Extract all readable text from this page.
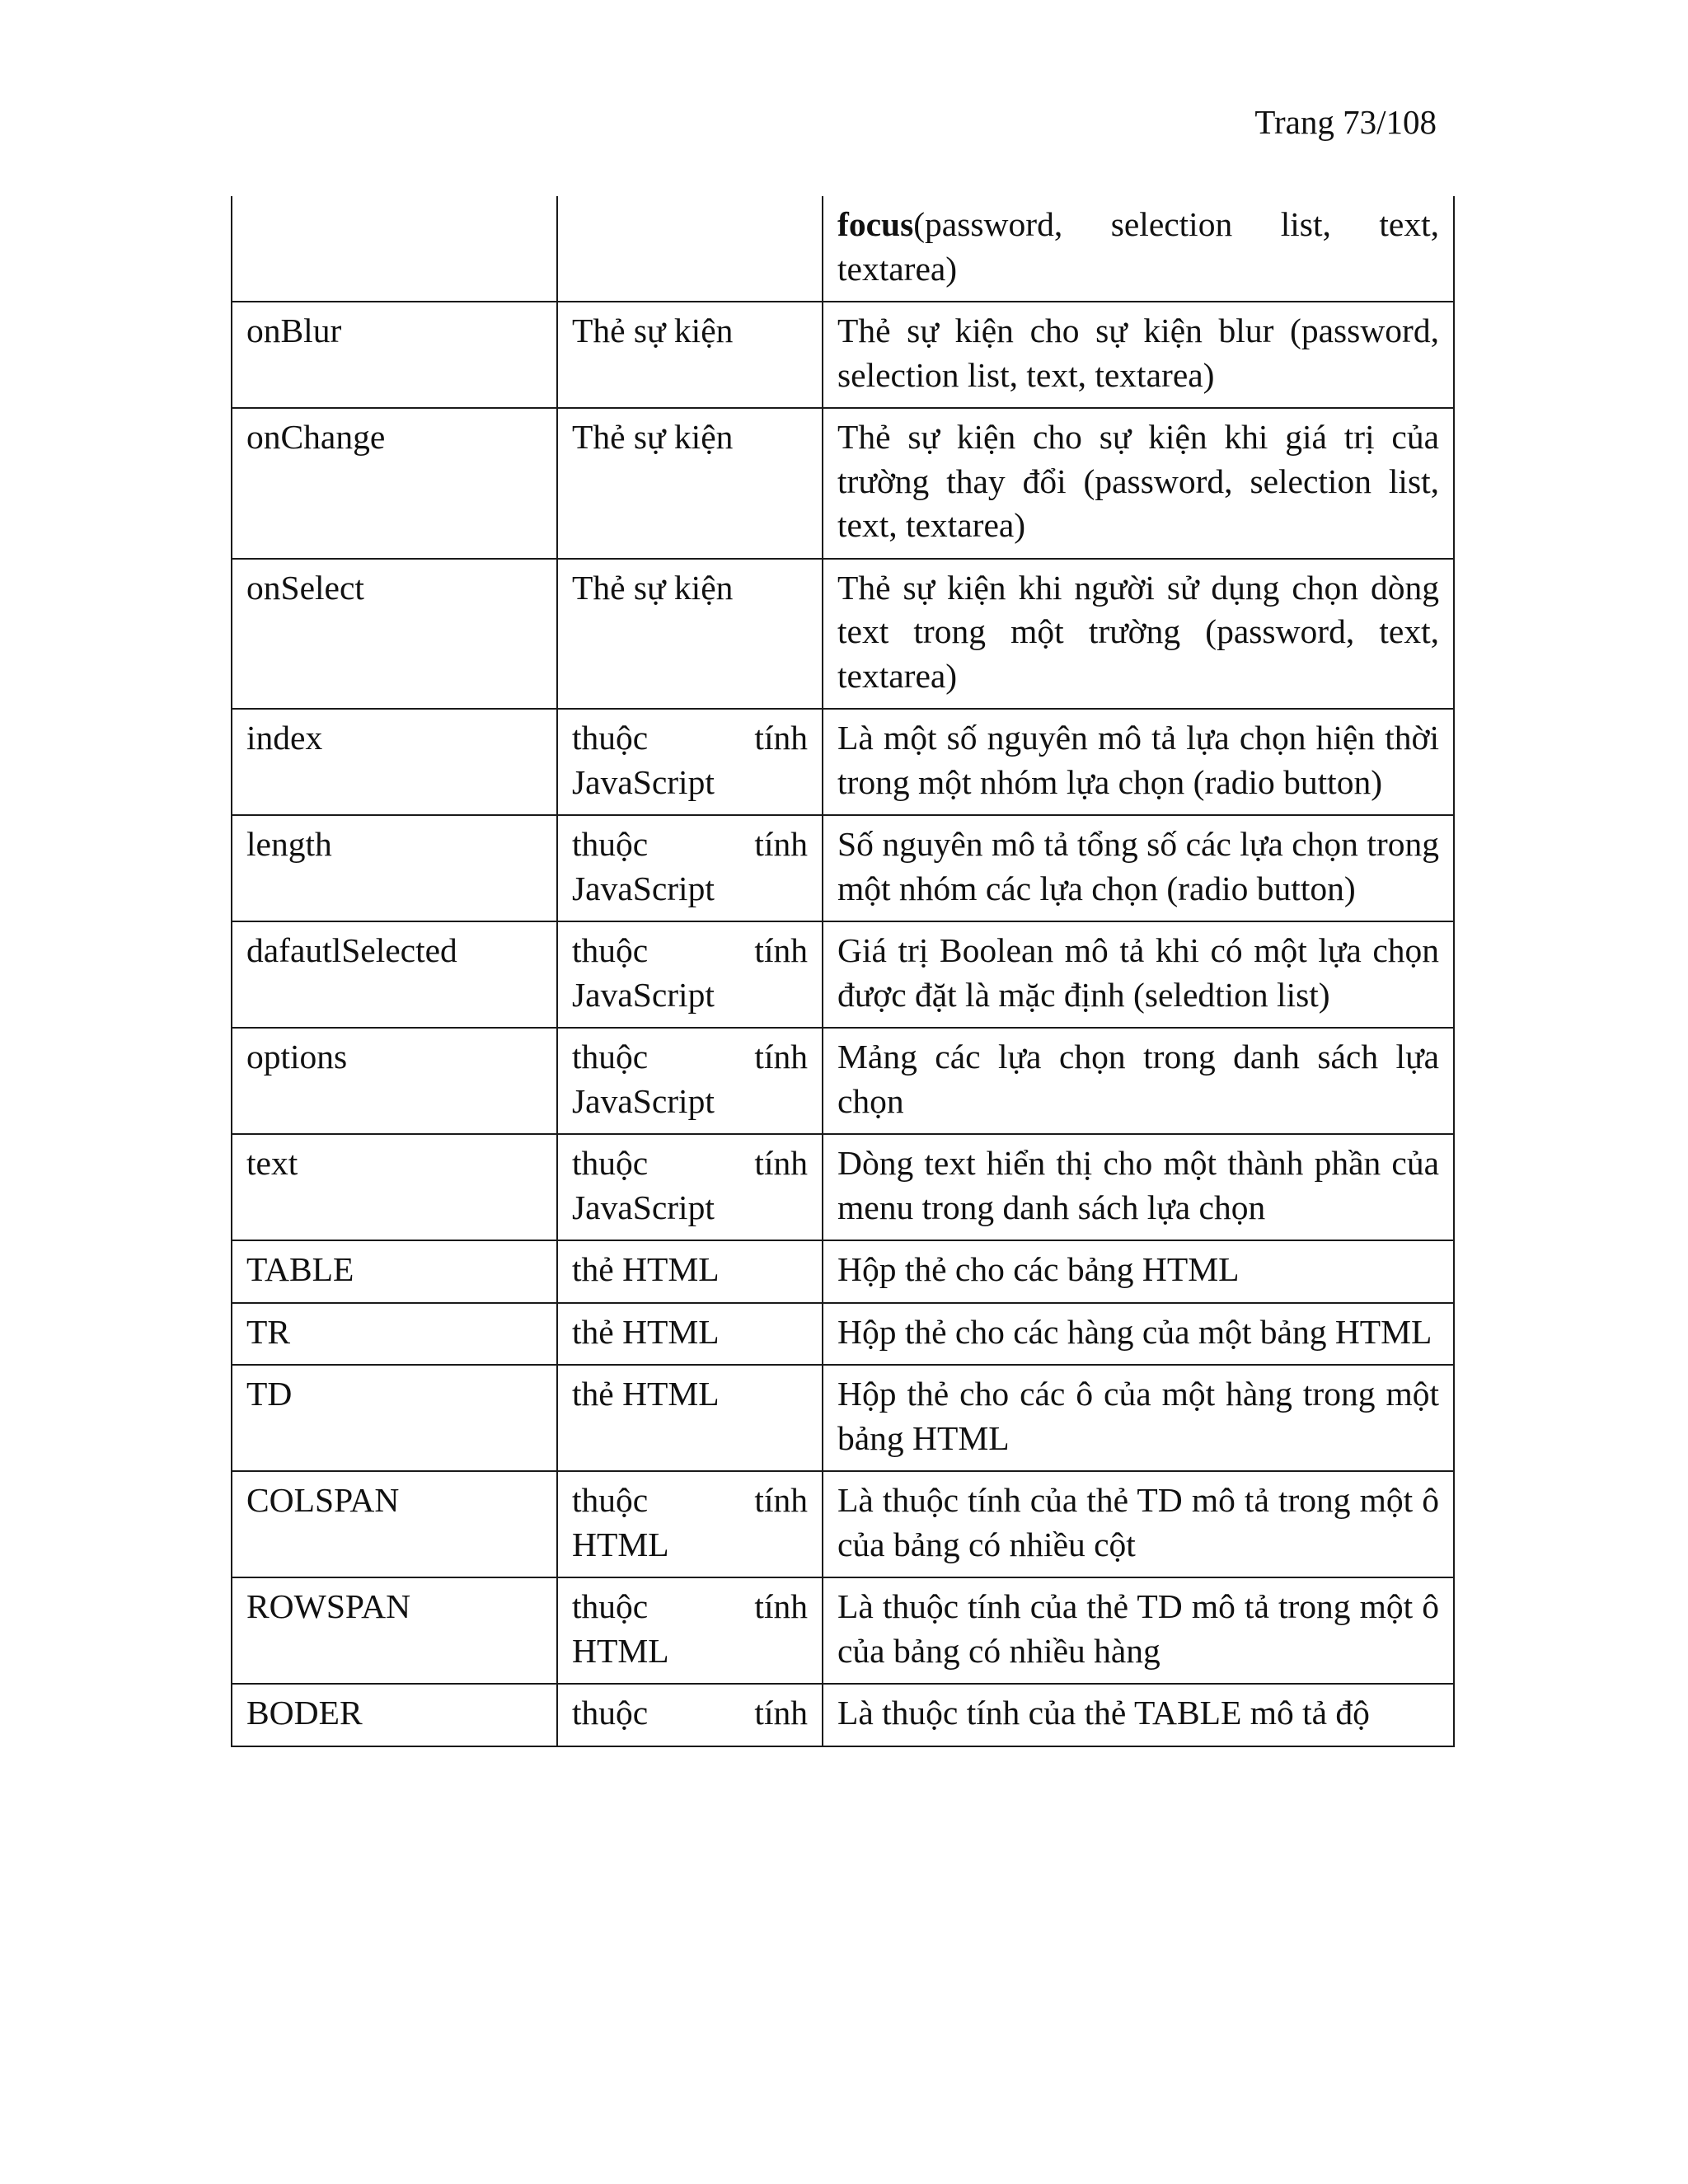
Trang 73/108
		focus(password, selection list, text, textarea)
onBlur	Thẻ sự kiện	Thẻ sự kiện cho sự kiện blur (password, selection list, text, textarea)
onChange	Thẻ sự kiện	Thẻ sự kiện cho sự kiện khi giá trị của trường thay đổi (password, selection list, text, textarea)
onSelect	Thẻ sự kiện	Thẻ sự kiện khi người sử dụng chọn dòng text trong một trường (password, text, textarea)
index	thuộc tính JavaScript	Là một số nguyên mô tả lựa chọn hiện thời trong một nhóm lựa chọn (radio button)
length	thuộc tính JavaScript	Số nguyên mô tả tổng số các lựa chọn trong một nhóm các lựa chọn (radio button)
dafautlSelected	thuộc tính JavaScript	Giá trị Boolean mô tả khi có một lựa chọn được đặt là mặc định (seledtion list)
options	thuộc tính JavaScript	Mảng các lựa chọn trong danh sách lựa chọn
text	thuộc tính JavaScript	Dòng text hiển thị cho một thành phần của menu trong danh sách lựa chọn
TABLE	thẻ HTML	Hộp thẻ cho các bảng HTML
TR	thẻ HTML	Hộp thẻ cho các hàng của một bảng HTML
TD	thẻ HTML	Hộp thẻ cho các ô của một hàng trong một bảng HTML
COLSPAN	thuộc tính HTML	Là thuộc tính của thẻ TD mô tả trong một ô của bảng có nhiều cột
ROWSPAN	thuộc tính HTML	Là thuộc tính của thẻ TD mô tả trong một ô của bảng có nhiều hàng
BODER	thuộc tính	Là thuộc tính của thẻ TABLE mô tả độ
